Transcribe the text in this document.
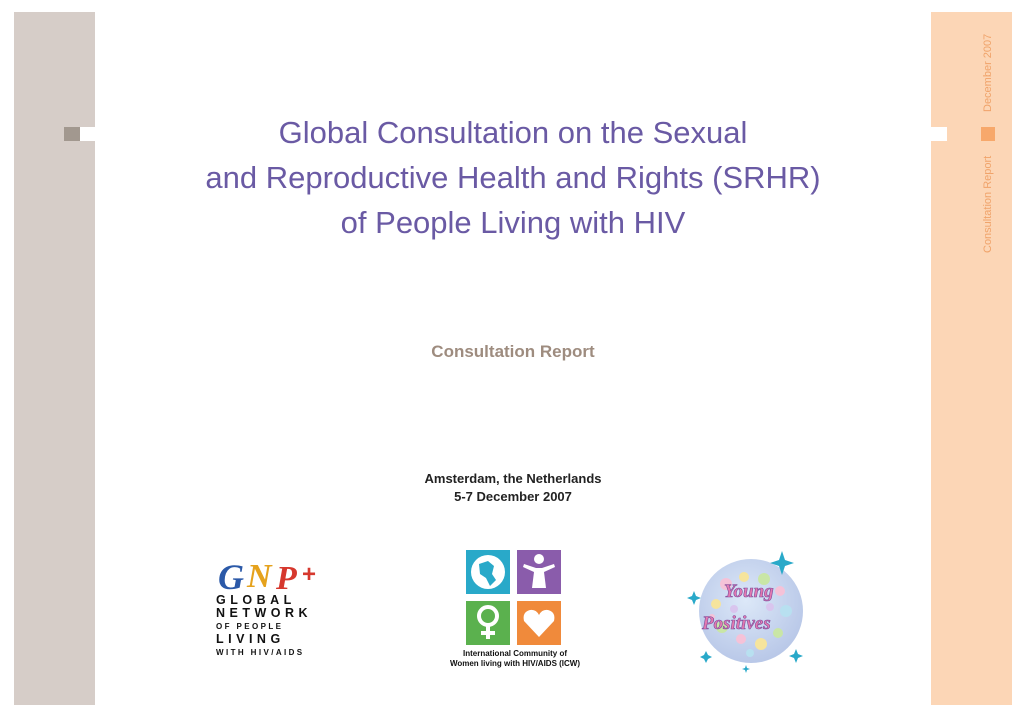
December 2007
Consultation Report
Global Consultation on the Sexual
and Reproductive Health and Rights (SRHR)
of People Living with HIV
Consultation Report
Amsterdam, the Netherlands
5-7 December 2007
G N P +
GLOBAL
NETWORK
OF PEOPLE
LIVING
WITH HIV/AIDS	International Community of
Women living with HIV/AIDS (ICW)
Young
Positives
